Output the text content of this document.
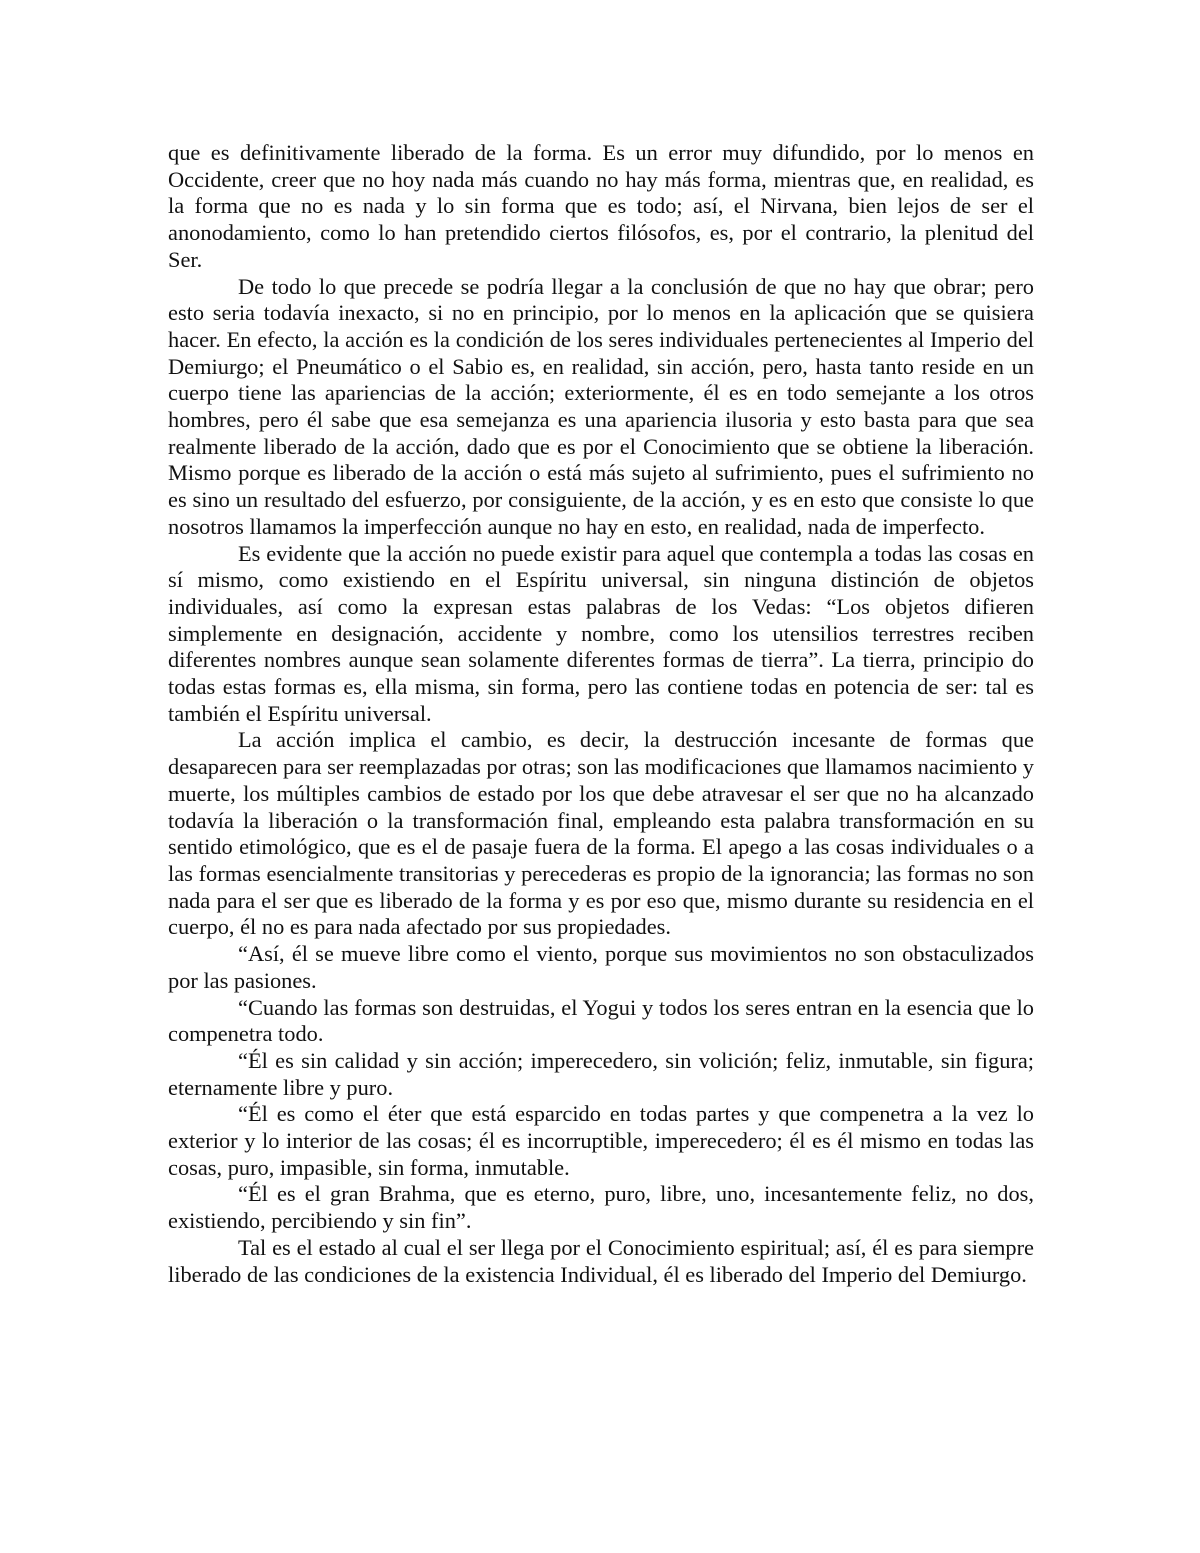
que es definitivamente liberado de la forma. Es un error muy difundido, por lo menos en Occidente, creer que no hoy nada más cuando no hay más forma, mientras que, en realidad, es la forma que no es nada y lo sin forma que es todo; así, el Nirvana, bien lejos de ser el anonodamiento, como lo han pretendido ciertos filósofos, es, por el contrario, la plenitud del Ser.

De todo lo que precede se podría llegar a la conclusión de que no hay que obrar; pero esto seria todavía inexacto, si no en principio, por lo menos en la aplicación que se quisiera hacer. En efecto, la acción es la condición de los seres individuales pertenecientes al Imperio del Demiurgo; el Pneumático o el Sabio es, en realidad, sin acción, pero, hasta tanto reside en un cuerpo tiene las apariencias de la acción; exteriormente, él es en todo semejante a los otros hombres, pero él sabe que esa semejanza es una apariencia ilusoria y esto basta para que sea realmente liberado de la acción, dado que es por el Conocimiento que se obtiene la liberación. Mismo porque es liberado de la acción o está más sujeto al sufrimiento, pues el sufrimiento no es sino un resultado del esfuerzo, por consiguiente, de la acción, y es en esto que consiste lo que nosotros llamamos la imperfección aunque no hay en esto, en realidad, nada de imperfecto.

Es evidente que la acción no puede existir para aquel que contempla a todas las cosas en sí mismo, como existiendo en el Espíritu universal, sin ninguna distinción de objetos individuales, así como la expresan estas palabras de los Vedas: “Los objetos difieren simplemente en designación, accidente y nombre, como los utensilios terrestres reciben diferentes nombres aunque sean solamente diferentes formas de tierra”. La tierra, principio do todas estas formas es, ella misma, sin forma, pero las contiene todas en potencia de ser: tal es también el Espíritu universal.

La acción implica el cambio, es decir, la destrucción incesante de formas que desaparecen para ser reemplazadas por otras; son las modificaciones que llamamos nacimiento y muerte, los múltiples cambios de estado por los que debe atravesar el ser que no ha alcanzado todavía la liberación o la transformación final, empleando esta palabra transformación en su sentido etimológico, que es el de pasaje fuera de la forma. El apego a las cosas individuales o a las formas esencialmente transitorias y perecederas es propio de la ignorancia; las formas no son nada para el ser que es liberado de la forma y es por eso que, mismo durante su residencia en el cuerpo, él no es para nada afectado por sus propiedades.

“Así, él se mueve libre como el viento, porque sus movimientos no son obstaculizados por las pasiones.

“Cuando las formas son destruidas, el Yogui y todos los seres entran en la esencia que lo compenetra todo.

“Él es sin calidad y sin acción; imperecedero, sin volición; feliz, inmutable, sin figura; eternamente libre y puro.

“Él es como el éter que está esparcido en todas partes y que compenetra a la vez lo exterior y lo interior de las cosas; él es incorruptible, imperecedero; él es él mismo en todas las cosas, puro, impasible, sin forma, inmutable.

“Él es el gran Brahma, que es eterno, puro, libre, uno, incesantemente feliz, no dos, existiendo, percibiendo y sin fin”.

Tal es el estado al cual el ser llega por el Conocimiento espiritual; así, él es para siempre liberado de las condiciones de la existencia Individual, él es liberado del Imperio del Demiurgo.
